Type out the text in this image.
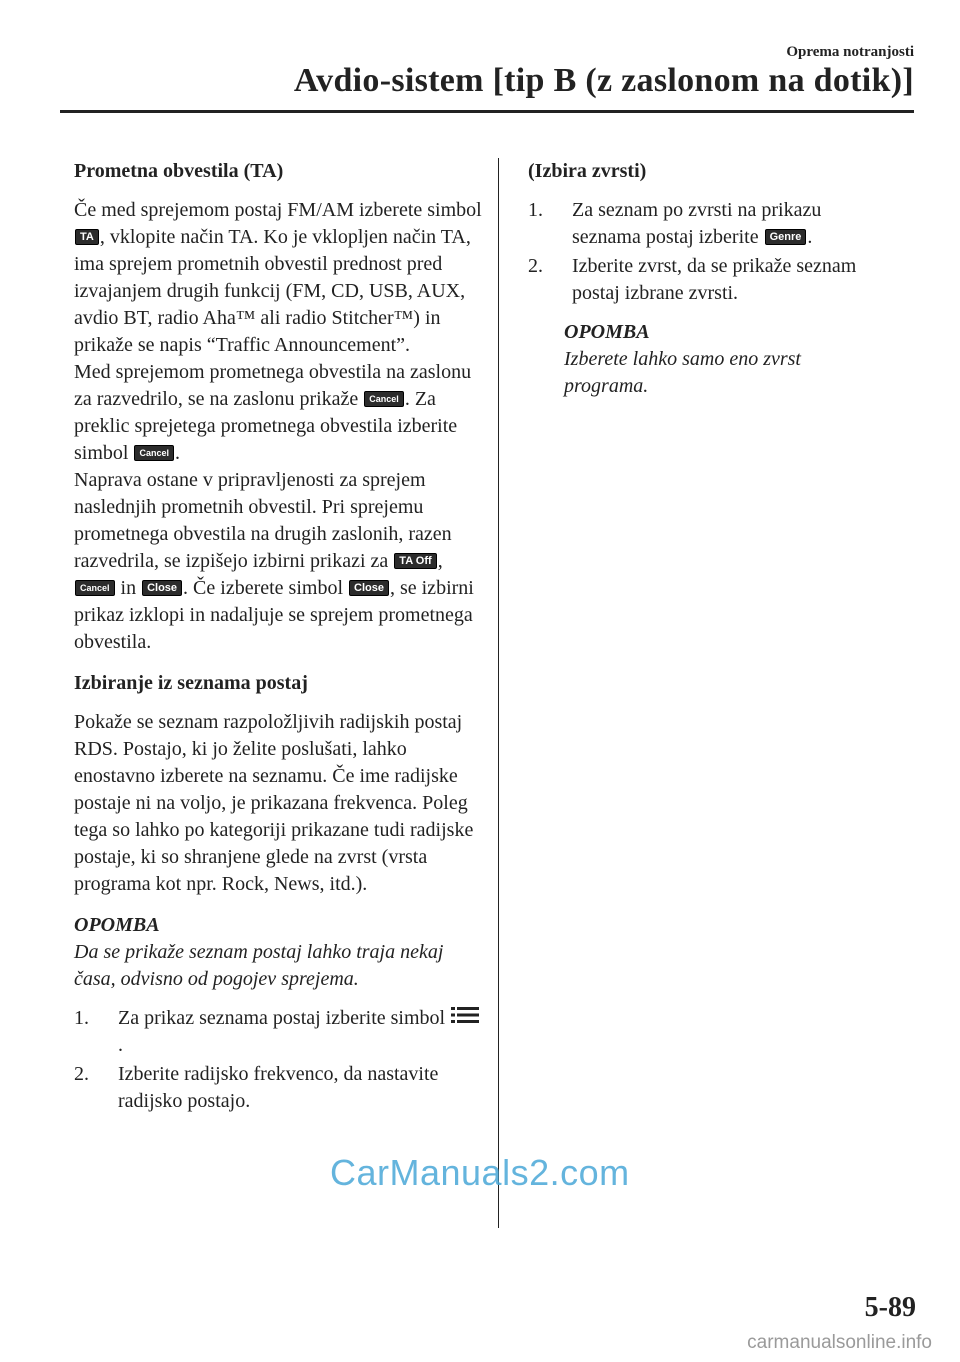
Oprema notranjosti
Avdio-sistem [tip B (z zaslonom na dotik)]
Prometna obvestila (TA)

Če med sprejemom postaj FM/AM izberete simbol TA , vklopite način TA. Ko je vklopljen način TA, ima sprejem prometnih obvestil prednost pred izvajanjem drugih funkcij (FM, CD, USB, AUX, avdio BT, radio Aha™ ali radio Stitcher™) in prikaže se napis “Traffic Announcement”.
Med sprejemom prometnega obvestila na zaslonu za razvedrilo, se na zaslonu prikaže Cancel . Za preklic sprejetega prometnega obvestila izberite simbol Cancel .
Naprava ostane v pripravljenosti za sprejem naslednjih prometnih obvestil. Pri sprejemu prometnega obvestila na drugih zaslonih, razen razvedrila, se izpišejo izbirni prikazi za TA Off , Cancel in Close . Če izberete simbol Close , se izbirni prikaz izklopi in nadaljuje se sprejem prometnega obvestila.

Izbiranje iz seznama postaj

Pokaže se seznam razpoložljivih radijskih postaj RDS. Postajo, ki jo želite poslušati, lahko enostavno izberete na seznamu. Če ime radijske postaje ni na voljo, je prikazana frekvenca. Poleg tega so lahko po kategoriji prikazane tudi radijske postaje, ki so shranjene glede na zvrst (vrsta programa kot npr. Rock, News, itd.).

OPOMBA

Da se prikaže seznam postaj lahko traja nekaj časa, odvisno od pogojev sprejema.

1. Za prikaz seznama postaj izberite simbol .
2. Izberite radijsko frekvenco, da nastavite radijsko postajo.
(Izbira zvrsti)
1. Za seznam po zvrsti na prikazu seznama postaj izberite Genre .
2. Izberite zvrst, da se prikaže seznam postaj izbrane zvrsti.

OPOMBA

Izberete lahko samo eno zvrst programa.

CarManuals2.com
5-89
carmanualsonline.info
